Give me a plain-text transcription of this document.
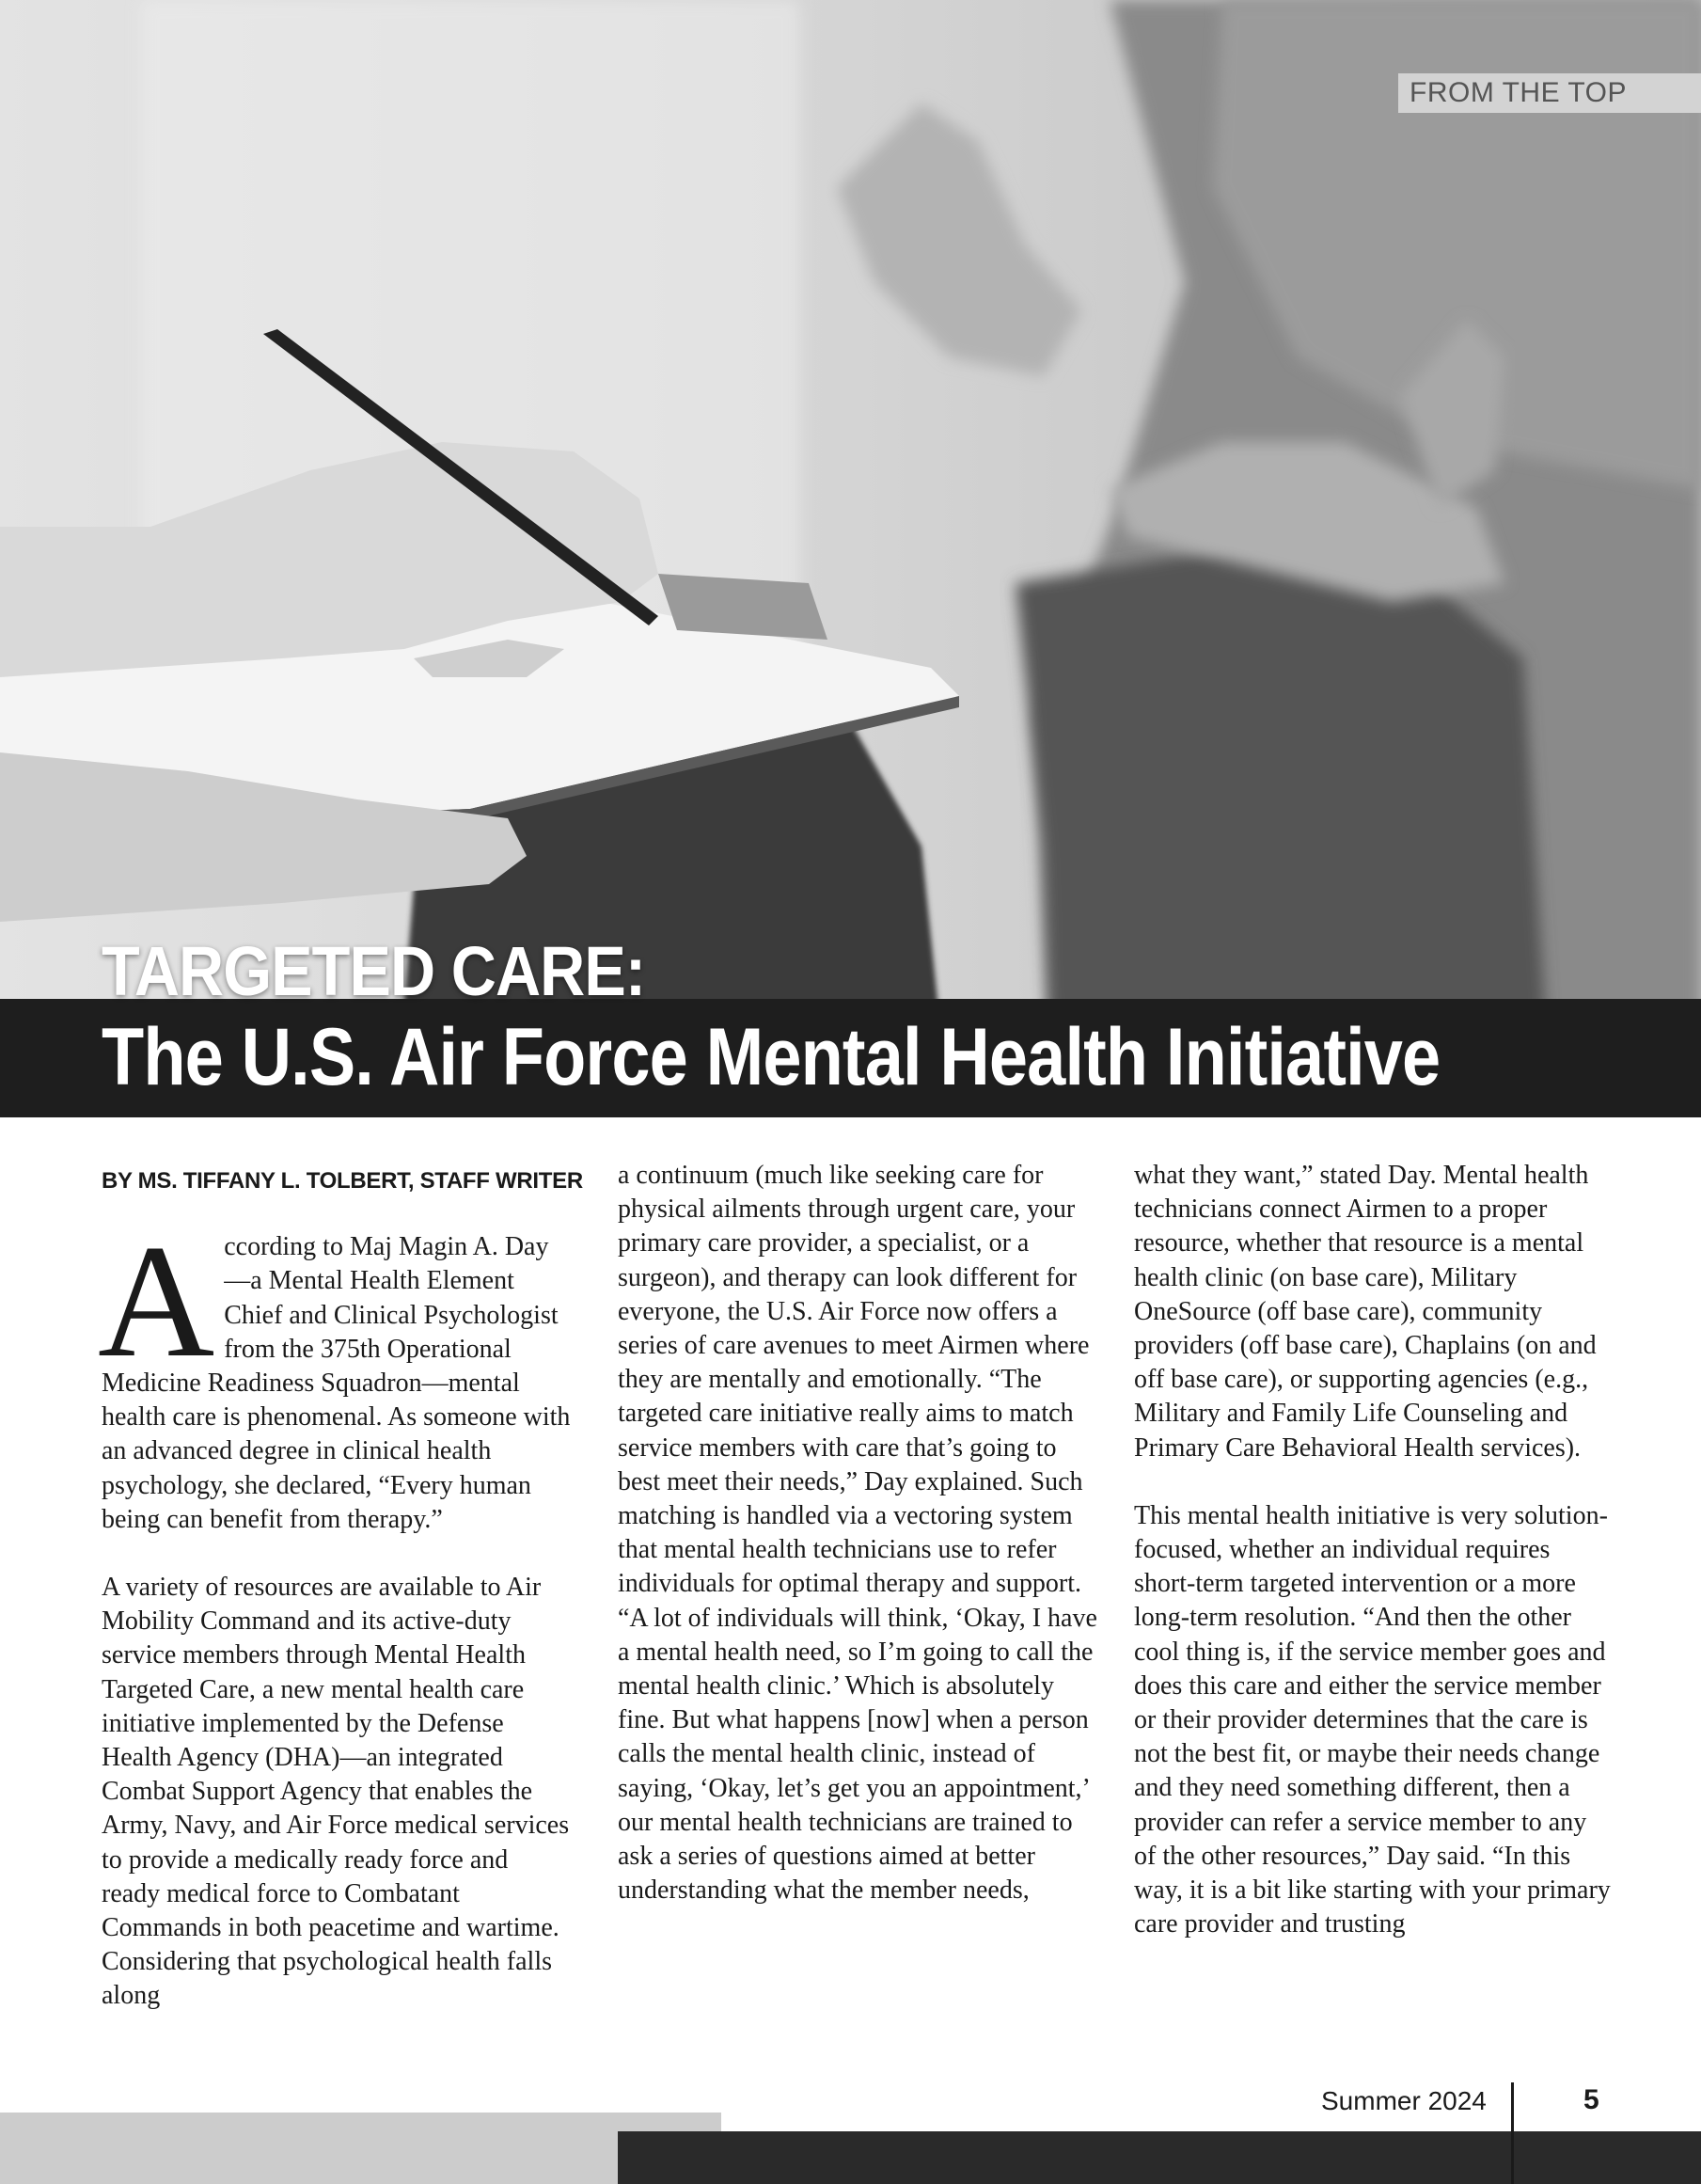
FROM THE TOP
TARGETED CARE:
The U.S. Air Force Mental Health Initiative
BY MS. TIFFANY L. TOLBERT, STAFF WRITER

According to Maj Magin A. Day—a Mental Health Element Chief and Clinical Psychologist from the 375th Operational Medicine Readiness Squadron—mental health care is phenomenal. As someone with an advanced degree in clinical health psychology, she declared, “Every human being can benefit from therapy.”

A variety of resources are available to Air Mobility Command and its active-duty service members through Mental Health Targeted Care, a new mental health care initiative implemented by the Defense Health Agency (DHA)—an integrated Combat Support Agency that enables the Army, Navy, and Air Force medical services to provide a medically ready force and ready medical force to Combatant Commands in both peacetime and wartime. Considering that psychological health falls along

a continuum (much like seeking care for physical ailments through urgent care, your primary care provider, a specialist, or a surgeon), and therapy can look different for everyone, the U.S. Air Force now offers a series of care avenues to meet Airmen where they are mentally and emotionally. “The targeted care initiative really aims to match service members with care that’s going to best meet their needs,” Day explained. Such matching is handled via a vectoring system that mental health technicians use to refer individuals for optimal therapy and support. “A lot of individuals will think, ‘Okay, I have a mental health need, so I’m going to call the mental health clinic.’ Which is absolutely fine. But what happens [now] when a person calls the mental health clinic, instead of saying, ‘Okay, let’s get you an appointment,’ our mental health technicians are trained to ask a series of questions aimed at better understanding what the member needs,

what they want,” stated Day. Mental health technicians connect Airmen to a proper resource, whether that resource is a mental health clinic (on base care), Military OneSource (off base care), community providers (off base care), Chaplains (on and off base care), or supporting agencies (e.g., Military and Family Life Counseling and Primary Care Behavioral Health services).

This mental health initiative is very solution-focused, whether an individual requires short-term targeted intervention or a more long-term resolution. “And then the other cool thing is, if the service member goes and does this care and either the service member or their provider determines that the care is not the best fit, or maybe their needs change and they need something different, then a provider can refer a service member to any of the other resources,” Day said. “In this way, it is a bit like starting with your primary care provider and trusting

Summer 2024	5
